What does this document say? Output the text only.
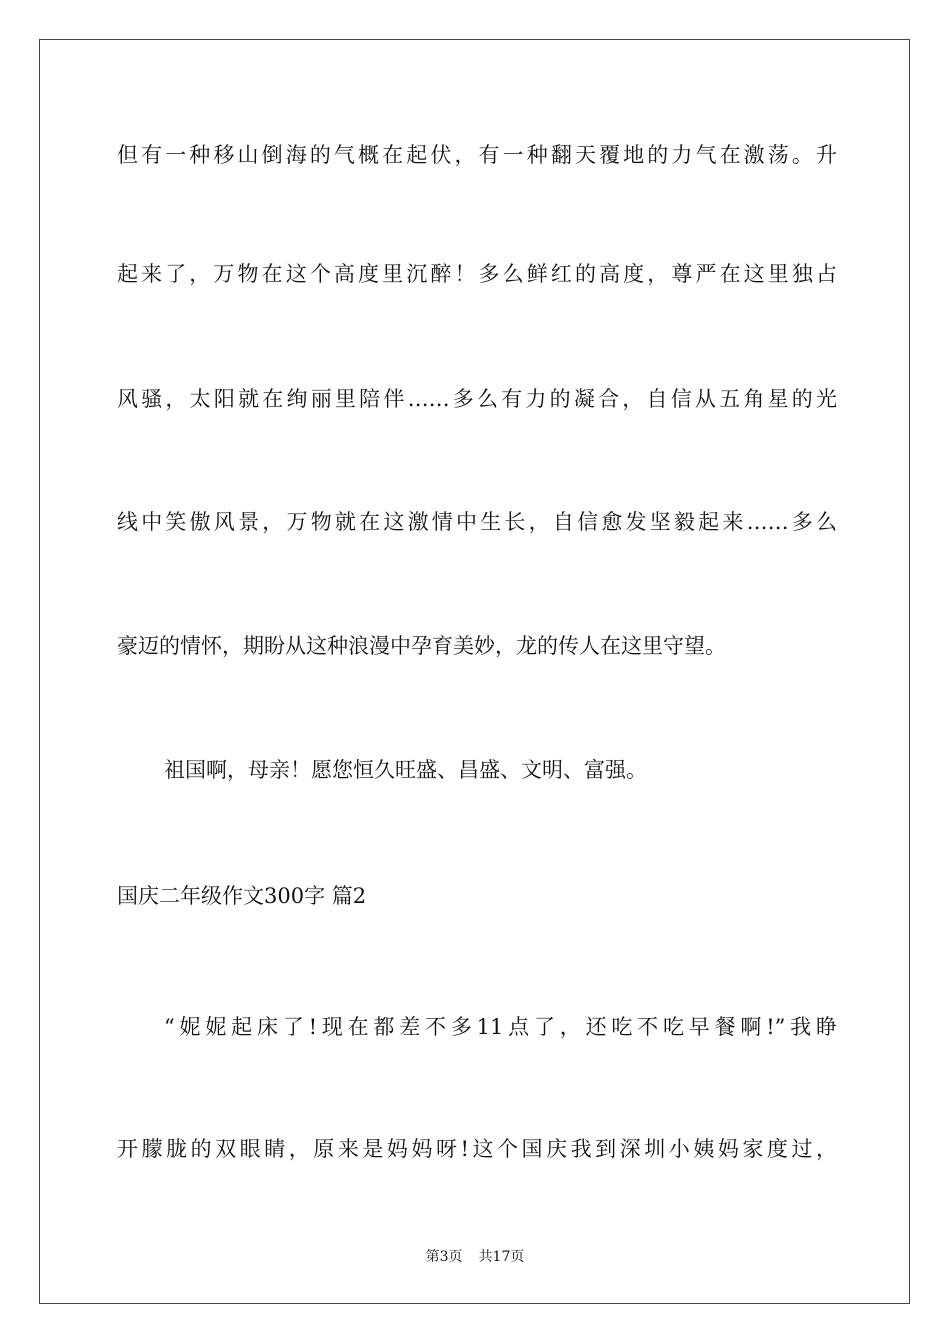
但有一种移山倒海的气概在起伏，有一种翻天覆地的力气在激荡。升
起来了，万物在这个高度里沉醉！多么鲜红的高度，尊严在这里独占
风骚，太阳就在绚丽里陪伴……多么有力的凝合，自信从五角星的光
线中笑傲风景，万物就在这激情中生长，自信愈发坚毅起来……多么
豪迈的情怀，期盼从这种浪漫中孕育美妙，龙的传人在这里守望。
祖国啊，母亲！愿您恒久旺盛、昌盛、文明、富强。
国庆二年级作文300字 篇2
“妮妮起床了!现在都差不多11点了，还吃不吃早餐啊!”我睁
开朦胧的双眼睛，原来是妈妈呀!这个国庆我到深圳小姨妈家度过，
第3页 共17页
